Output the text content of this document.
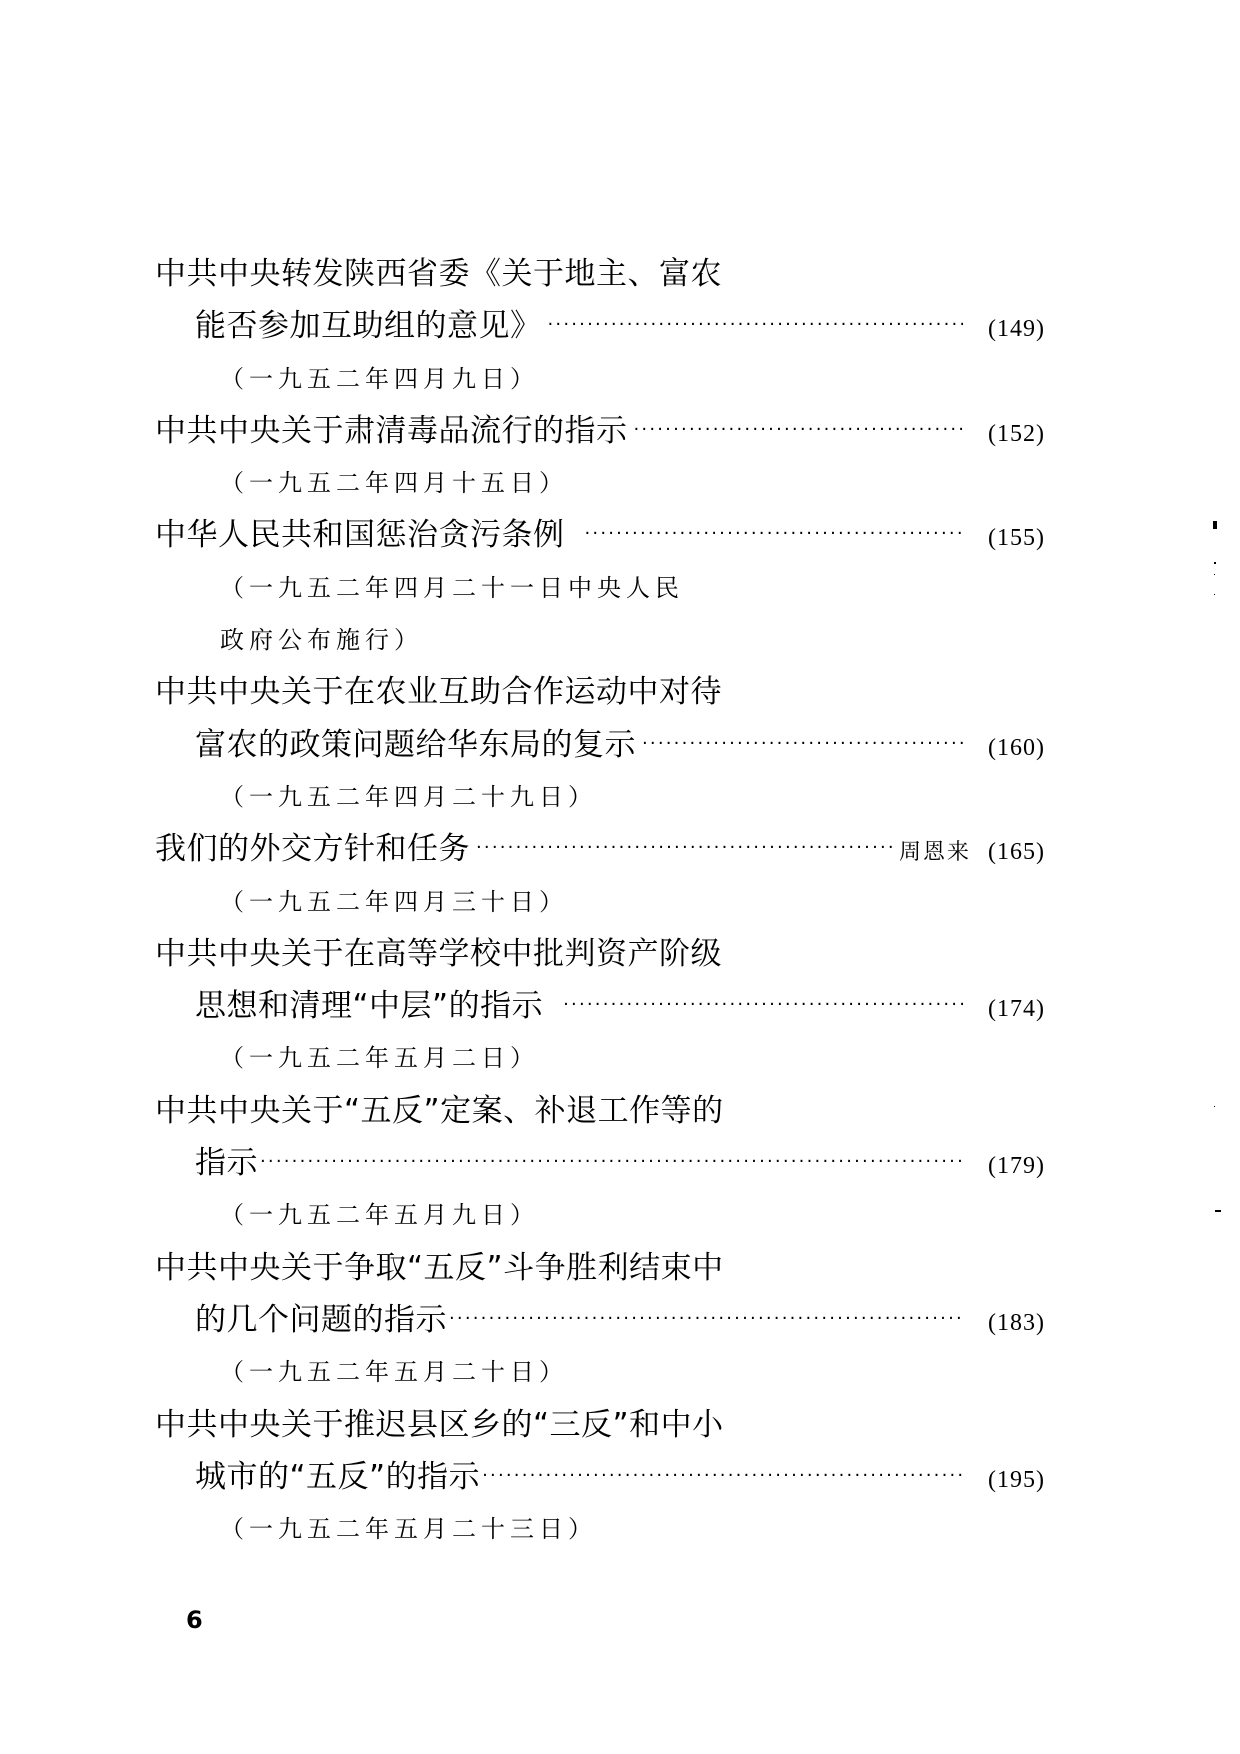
中共中央转发陕西省委《关于地主、富农
能否参加互助组的意见》 ·····	(149)
（一九五二年四月九日）
中共中央关于肃清毒品流行的指示 ·····	(152)
（一九五二年四月十五日）
中华人民共和国惩治贪污条例 ·····	(155)
（一九五二年四月二十一日中央人民
政府公布施行）
中共中央关于在农业互助合作运动中对待
富农的政策问题给华东局的复示 ·····	(160)
（一九五二年四月二十九日）
我们的外交方针和任务 ·····	周恩来 (165)
（一九五二年四月三十日）
中共中央关于在高等学校中批判资产阶级
思想和清理“中层”的指示 ·····	(174)
（一九五二年五月二日）
中共中央关于“五反”定案、补退工作等的
指示 ·····	(179)
（一九五二年五月九日）
中共中央关于争取“五反”斗争胜利结束中
的几个问题的指示 ·····	(183)
（一九五二年五月二十日）
中共中央关于推迟县区乡的“三反”和中小
城市的“五反”的指示 ·····	(195)
（一九五二年五月二十三日）
6
